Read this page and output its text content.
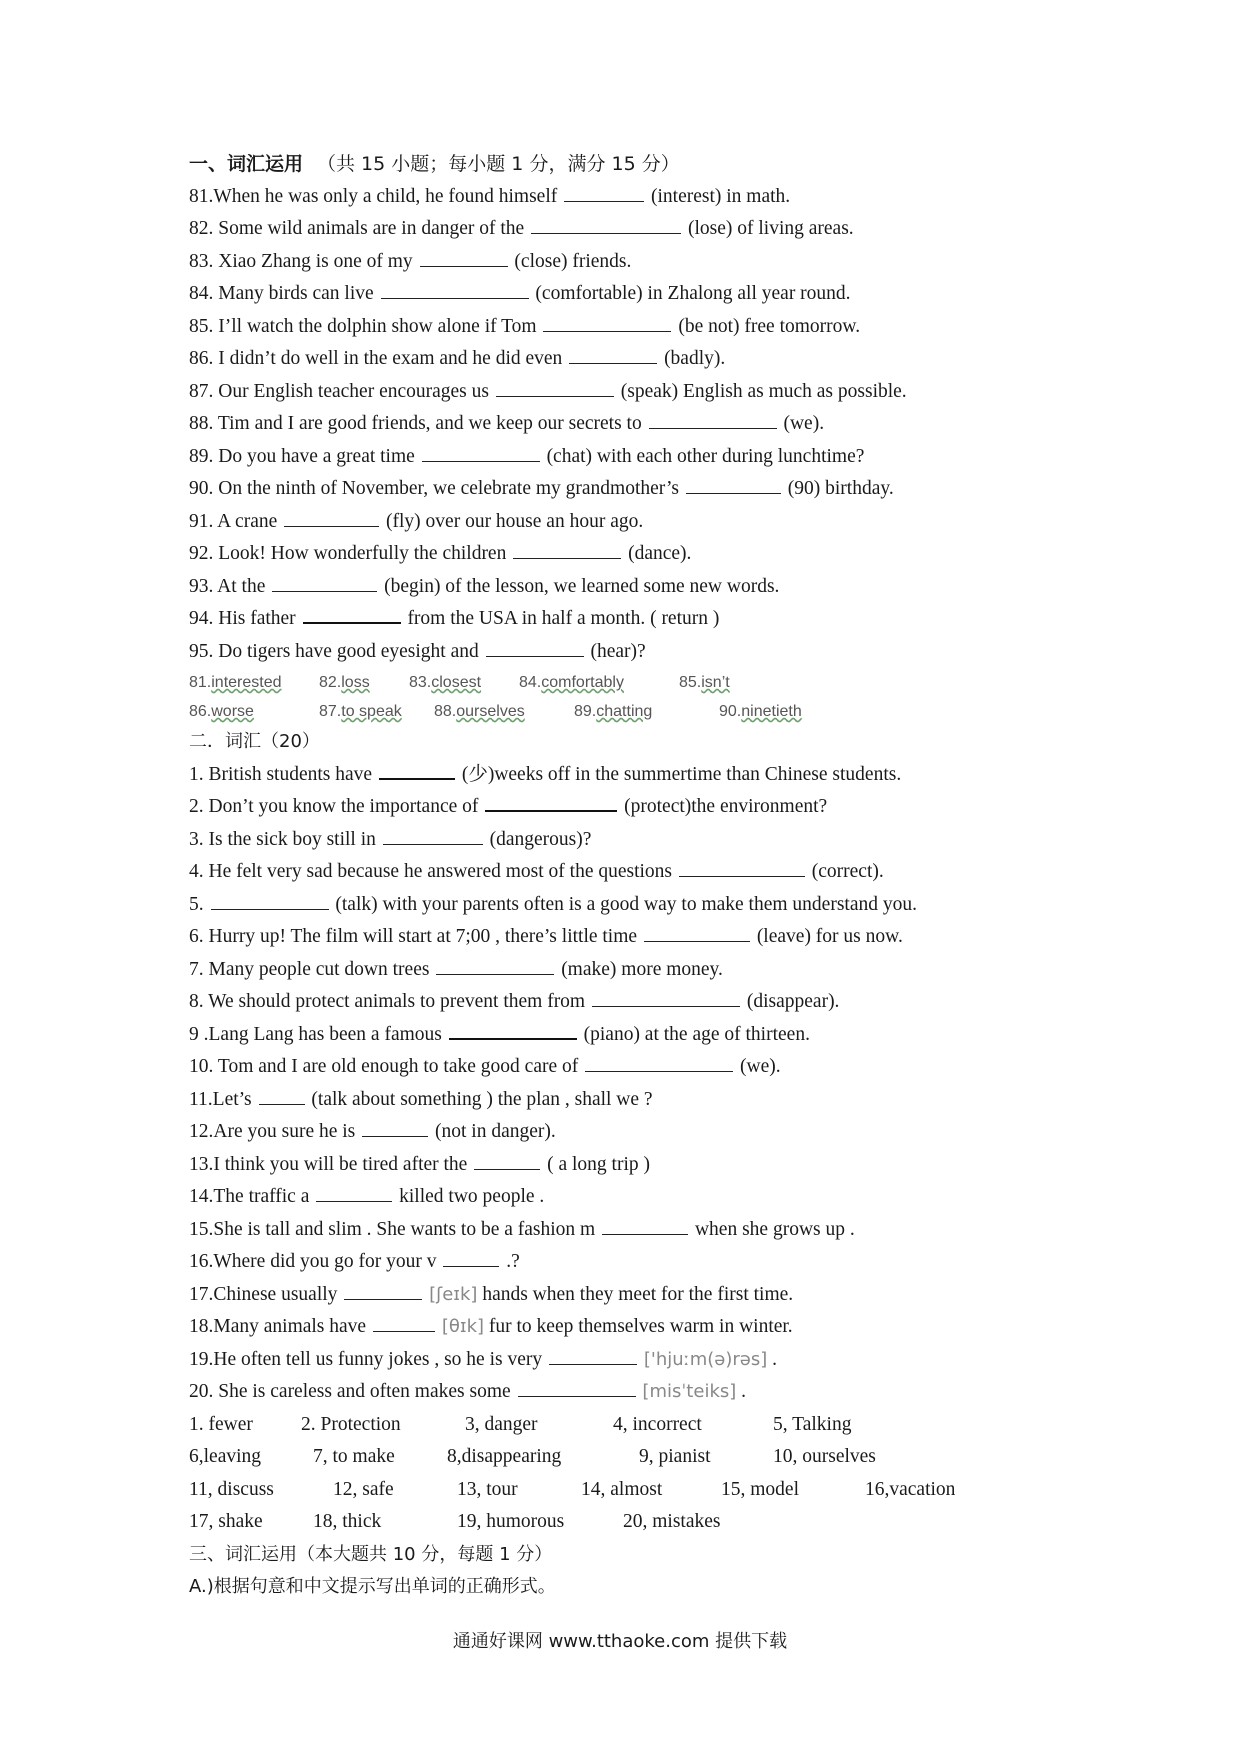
一、词汇运用 （共 15 小题；每小题 1 分，满分 15 分）
81.When he was only a child, he found himself	(interest) in math.
82. Some wild animals are in danger of the	(lose) of living areas.
83. Xiao Zhang is one of my	(close) friends.
84. Many birds can live	(comfortable) in Zhalong all year round.
85. I’ll watch the dolphin show alone if Tom	(be not) free tomorrow.
86. I didn’t do well in the exam and he did even	(badly).
87. Our English teacher encourages us	(speak) English as much as possible.
88. Tim and I are good friends, and we keep our secrets to	(we).
89. Do you have a great time	(chat) with each other during lunchtime?
90. On the ninth of November, we celebrate my grandmother’s	(90) birthday.
91. A crane	(fly) over our house an hour ago.
92. Look! How wonderfully the children	(dance).
93. At the	(begin) of the lesson, we learned some new words.
94. His father	from the USA in half a month. ( return )
95. Do tigers have good eyesight and	(hear)?
81.interested 82.loss 83.closest 84.comfortably	85.isn’t
86.worse	87.to speak 88.ourselves	89.chatting	90.ninetieth
二．词汇（20）
1. British students have	(少)weeks off in the summertime than Chinese students.
2. Don’t you know the importance of	(protect)the environment?
3. Is the sick boy still in	(dangerous)?
4. He felt very sad because he answered most of the questions	(correct).
5.	(talk) with your parents often is a good way to make them understand you.
6. Hurry up! The film will start at 7;00 , there’s little time	(leave) for us now.
7. Many people cut down trees	(make) more money.
8. We should protect animals to prevent them from	(disappear).
9 .Lang Lang has been a famous	(piano) at the age of thirteen.
10. Tom and I are old enough to take good care of	(we).
11.Let’s	(talk about something ) the plan , shall we ?
12.Are you sure he is	(not in danger).
13.I think you will be tired after the	( a long trip )
14.The traffic a	killed two people .
15.She is tall and slim . She wants to be a fashion m	when she grows up .
16.Where did you go for your v	.?
17.Chinese usually	[ʃeɪk] hands when they meet for the first time.
18.Many animals have	[θɪk] fur to keep themselves warm in winter.
19.He often tell us funny jokes , so he is very	['hjuːm(ə)rəs] .
20. She is careless and often makes some	[misˈteiks] .
1. fewer 2. Protection	3, danger	4, incorrect	5, Talking
6,leaving	7, to make	8,disappearing	9, pianist	10, ourselves
11, discuss	12, safe	13, tour	14, almost	15, model	16,vacation
17, shake	18, thick	19, humorous	20, mistakes
三、词汇运用（本大题共 10 分，每题 1 分）
A.)根据句意和中文提示写出单词的正确形式。
通通好课网 www.tthaoke.com 提供下载
